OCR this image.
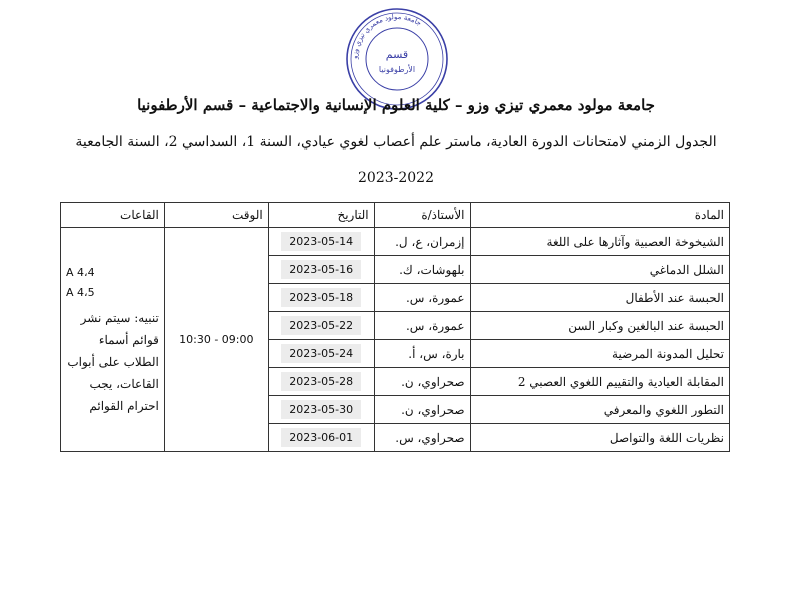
جامعة مولود معمري تيزي وزو
قسم
الأرطوفونيا
جامعة مولود معمري تيزي وزو – كلية العلوم الإنسانية والاجتماعية – قسم الأرطفونيا
الجدول الزمني لامتحانات الدورة العادية، ماستر علم أعصاب لغوي عيادي، السنة 1، السداسي 2، السنة الجامعية
2023-2022
المادة	الأستاذ/ة	التاريخ	الوقت	القاعات
الشيخوخة العصبية وآثارها على اللغة	إزمران، ع، ل.	2023-05-14	09:00 - 10:30	A 4،4
A 4،5
تنبيه: سيتم نشر قوائم أسماء الطلاب على أبواب القاعات، يجب احترام القوائم

الشلل الدماغي	بلهوشات، ك.	2023-05-16		
الحبسة عند الأطفال	عمورة، س.	2023-05-18		
الحبسة عند البالغين وكبار السن	عمورة، س.	2023-05-22		
تحليل المدونة المرضية	بارة، س، أ.	2023-05-24		
المقابلة العيادية والتقييم اللغوي العصبي 2	صحراوي، ن.	2023-05-28		
التطور اللغوي والمعرفي	صحراوي، ن.	2023-05-30		
نظريات اللغة والتواصل	صحراوي، س.	2023-06-01		
